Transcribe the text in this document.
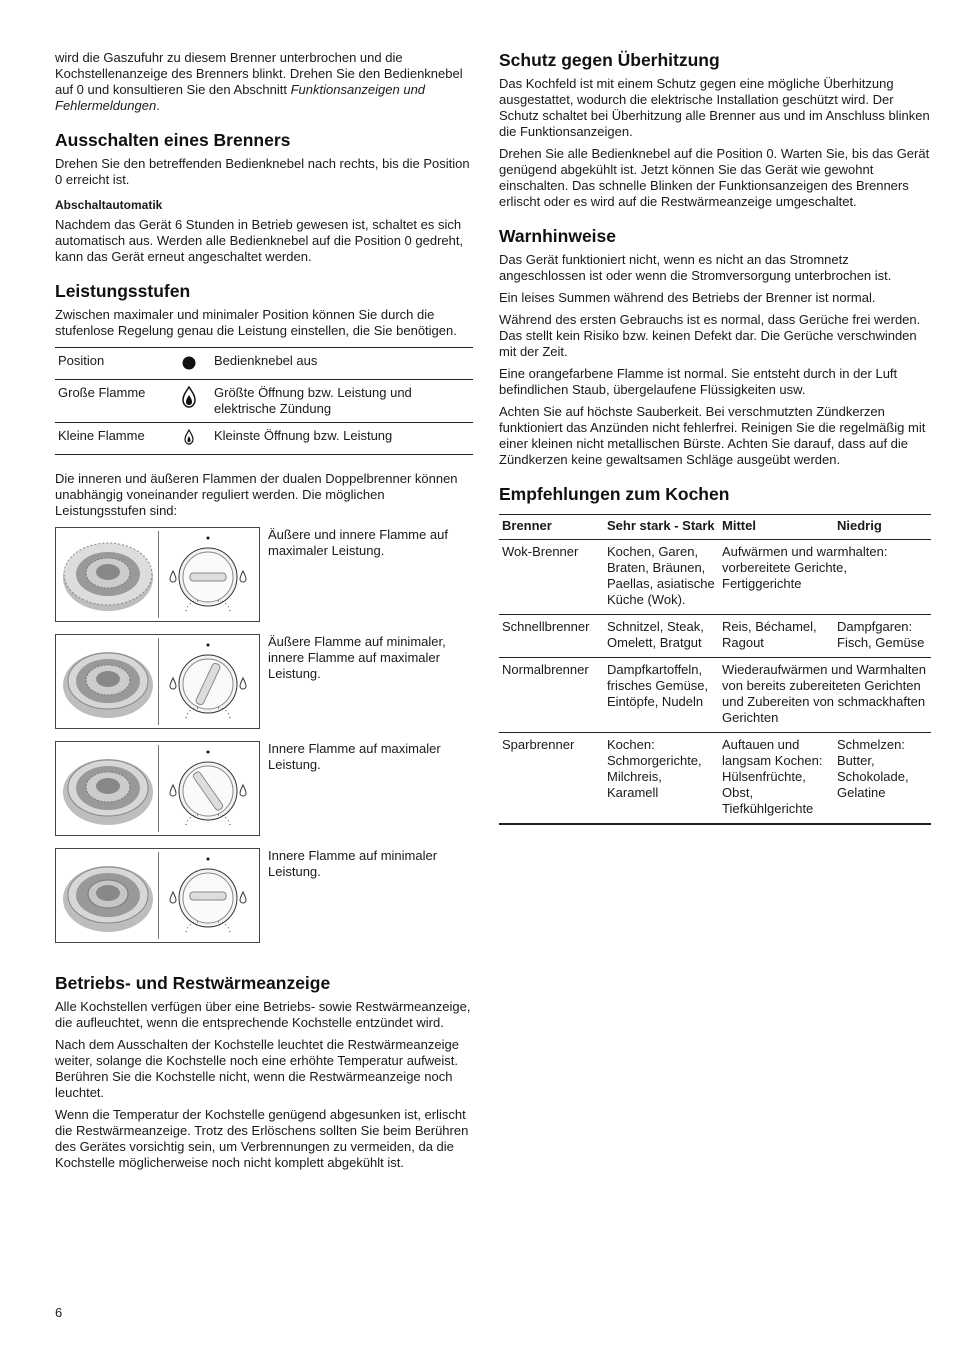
wird die Gaszufuhr zu diesem Brenner unterbrochen und die Kochstellenanzeige des Brenners blinkt. Drehen Sie den Bedienknebel auf 0 und konsultieren Sie den Abschnitt Funktionsanzeigen und Fehlermeldungen.

Ausschalten eines Brenners

Drehen Sie den betreffenden Bedienknebel nach rechts, bis die Position 0 erreicht ist.

Abschaltautomatik

Nachdem das Gerät 6 Stunden in Betrieb gewesen ist, schaltet es sich automatisch aus. Werden alle Bedienknebel auf die Position 0 gedreht, kann das Gerät erneut angeschaltet werden.

Leistungsstufen

Zwischen maximaler und minimaler Position können Sie durch die stufenlose Regelung genau die Leistung einstellen, die Sie benötigen.

Position		Bedienknebel aus
Große Flamme		Größte Öffnung bzw. Leistung und elektrische Zündung
Kleine Flamme		Kleinste Öffnung bzw. Leistung

Die inneren und äußeren Flammen der dualen Doppelbrenner können unabhängig voneinander reguliert werden. Die möglichen Leistungsstufen sind:

Äußere und innere Flamme auf maximaler Leistung.
Äußere Flamme auf minimaler, innere Flamme auf maximaler Leistung.
Innere Flamme auf maximaler Leistung.
Innere Flamme auf minimaler Leistung.
Betriebs- und Restwärmeanzeige

Alle Kochstellen verfügen über eine Betriebs- sowie Restwärmeanzeige, die aufleuchtet, wenn die entsprechende Kochstelle entzündet wird.

Nach dem Ausschalten der Kochstelle leuchtet die Restwärmeanzeige weiter, solange die Kochstelle noch eine erhöhte Temperatur aufweist. Berühren Sie die Kochstelle nicht, wenn die Restwärmeanzeige noch leuchtet.

Wenn die Temperatur der Kochstelle genügend abgesunken ist, erlischt die Restwärmeanzeige. Trotz des Erlöschens sollten Sie beim Berühren des Gerätes vorsichtig sein, um Verbrennungen zu vermeiden, da die Kochstelle möglicherweise noch nicht komplett abgekühlt ist.

Schutz gegen Überhitzung

Das Kochfeld ist mit einem Schutz gegen eine mögliche Überhitzung ausgestattet, wodurch die elektrische Installation geschützt wird. Der Schutz schaltet bei Überhitzung alle Brenner aus und im Anschluss blinken die Funktionsanzeigen.

Drehen Sie alle Bedienknebel auf die Position 0. Warten Sie, bis das Gerät genügend abgekühlt ist. Jetzt können Sie das Gerät wie gewohnt einschalten. Das schnelle Blinken der Funktionsanzeigen des Brenners erlischt oder es wird auf die Restwärmeanzeige umgeschaltet.

Warnhinweise

Das Gerät funktioniert nicht, wenn es nicht an das Stromnetz angeschlossen ist oder wenn die Stromversorgung unterbrochen ist.

Ein leises Summen während des Betriebs der Brenner ist normal.

Während des ersten Gebrauchs ist es normal, dass Gerüche frei werden. Das stellt kein Risiko bzw. keinen Defekt dar. Die Gerüche verschwinden mit der Zeit.

Eine orangefarbene Flamme ist normal. Sie entsteht durch in der Luft befindlichen Staub, übergelaufene Flüssigkeiten usw.

Achten Sie auf höchste Sauberkeit. Bei verschmutzten Zündkerzen funktioniert das Anzünden nicht fehlerfrei. Reinigen Sie die regelmäßig mit einer kleinen nicht metallischen Bürste. Achten Sie darauf, dass auf die Zündkerzen keine gewaltsamen Schläge ausgeübt werden.

Empfehlungen zum Kochen
Brenner	Sehr stark - Stark	Mittel	Niedrig
Wok-Brenner	Kochen, Garen, Braten, Bräunen, Paellas, asiatische Küche (Wok).	Aufwärmen und warmhalten: vorbereitete Gerichte, Fertiggerichte	
Schnellbrenner	Schnitzel, Steak, Omelett, Bratgut	Reis, Béchamel, Ragout	Dampfgaren: Fisch, Gemüse
Normalbrenner	Dampfkartoffeln, frisches Gemüse, Eintöpfe, Nudeln	Wiederaufwärmen und Warmhalten von bereits zubereiteten Gerichten und Zubereiten von schmackhaften Gerichten	
Sparbrenner	Kochen: Schmorgerichte, Milchreis, Karamell	Auftauen und langsam Kochen: Hülsenfrüchte, Obst, Tiefkühlgerichte	Schmelzen: Butter, Schokolade, Gelatine
6
